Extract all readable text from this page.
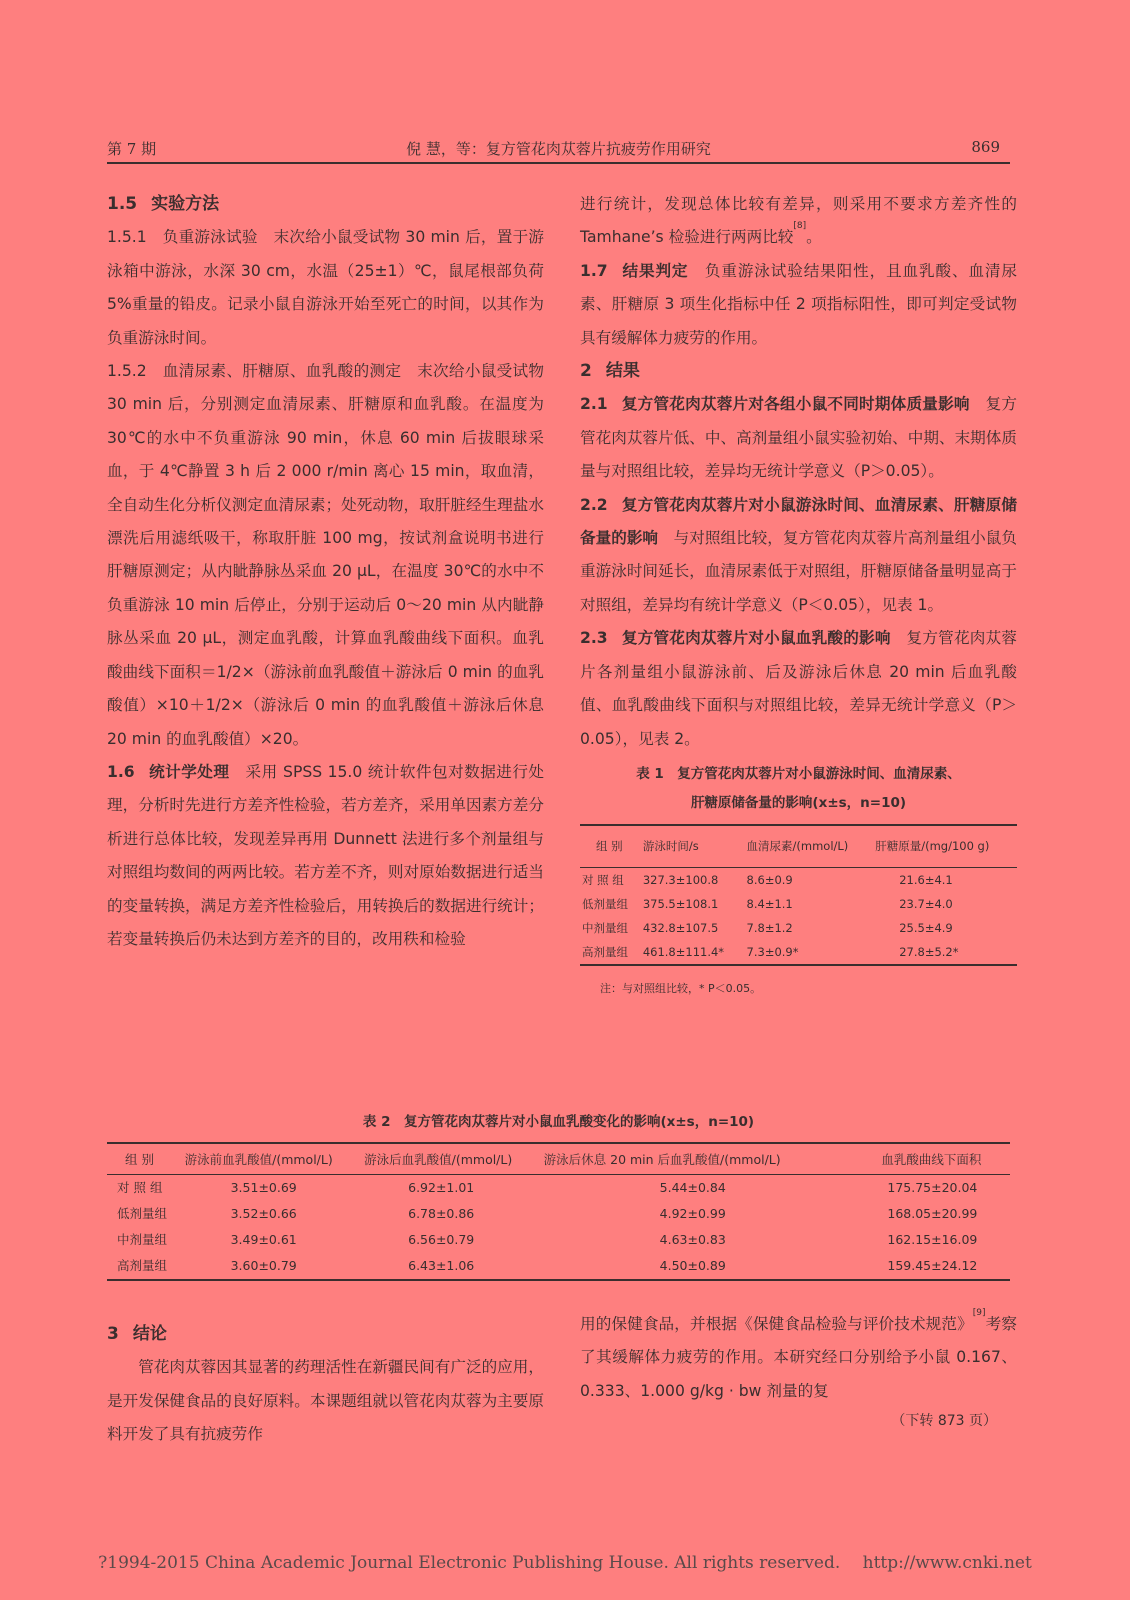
第 7 期	倪 慧，等：复方管花肉苁蓉片抗疲劳作用研究	869

1.5 实验方法

1.5.1　负重游泳试验　末次给小鼠受试物 30 min 后，置于游泳箱中游泳，水深 30 cm，水温（25±1）℃，鼠尾根部负荷 5%重量的铅皮。记录小鼠自游泳开始至死亡的时间，以其作为负重游泳时间。

1.5.2　血清尿素、肝糖原、血乳酸的测定　末次给小鼠受试物 30 min 后，分别测定血清尿素、肝糖原和血乳酸。在温度为 30℃的水中不负重游泳 90 min，休息 60 min 后拔眼球采血，于 4℃静置 3 h 后 2 000 r/min 离心 15 min，取血清，全自动生化分析仪测定血清尿素；处死动物，取肝脏经生理盐水漂洗后用滤纸吸干，称取肝脏 100 mg，按试剂盒说明书进行肝糖原测定；从内眦静脉丛采血 20 μL，在温度 30℃的水中不负重游泳 10 min 后停止，分别于运动后 0～20 min 从内眦静脉丛采血 20 μL，测定血乳酸，计算血乳酸曲线下面积。血乳酸曲线下面积＝1/2×（游泳前血乳酸值＋游泳后 0 min 的血乳酸值）×10＋1/2×（游泳后 0 min 的血乳酸值＋游泳后休息 20 min 的血乳酸值）×20。

1.6 统计学处理　采用 SPSS 15.0 统计软件包对数据进行处理，分析时先进行方差齐性检验，若方差齐，采用单因素方差分析进行总体比较，发现差异再用 Dunnett 法进行多个剂量组与对照组均数间的两两比较。若方差不齐，则对原始数据进行适当的变量转换，满足方差齐性检验后，用转换后的数据进行统计；若变量转换后仍未达到方差齐的目的，改用秩和检验

进行统计，发现总体比较有差异，则采用不要求方差齐性的 Tamhane’s 检验进行两两比较[8]。

1.7 结果判定　负重游泳试验结果阳性，且血乳酸、血清尿素、肝糖原 3 项生化指标中任 2 项指标阳性，即可判定受试物具有缓解体力疲劳的作用。

2 结果

2.1 复方管花肉苁蓉片对各组小鼠不同时期体质量影响　复方管花肉苁蓉片低、中、高剂量组小鼠实验初始、中期、末期体质量与对照组比较，差异均无统计学意义（P＞0.05）。

2.2 复方管花肉苁蓉片对小鼠游泳时间、血清尿素、肝糖原储备量的影响　与对照组比较，复方管花肉苁蓉片高剂量组小鼠负重游泳时间延长，血清尿素低于对照组，肝糖原储备量明显高于对照组，差异均有统计学意义（P＜0.05），见表 1。

2.3 复方管花肉苁蓉片对小鼠血乳酸的影响　复方管花肉苁蓉片各剂量组小鼠游泳前、后及游泳后休息 20 min 后血乳酸值、血乳酸曲线下面积与对照组比较，差异无统计学意义（P＞0.05），见表 2。

表 1　复方管花肉苁蓉片对小鼠游泳时间、血清尿素、
肝糖原储备量的影响(x±s，n=10)
组 别	游泳时间/s	血清尿素/(mmol/L)	肝糖原量/(mg/100 g)
对 照 组	327.3±100.8	8.6±0.9	21.6±4.1
低剂量组	375.5±108.1	8.4±1.1	23.7±4.0
中剂量组	432.8±107.5	7.8±1.2	25.5±4.9
高剂量组	461.8±111.4*	7.3±0.9*	27.8±5.2*
注：与对照组比较，* P＜0.05。
表 2　复方管花肉苁蓉片对小鼠血乳酸变化的影响(x±s，n=10)
组 别	游泳前血乳酸值/(mmol/L)	游泳后血乳酸值/(mmol/L)	游泳后休息 20 min 后血乳酸值/(mmol/L)	血乳酸曲线下面积
对 照 组	3.51±0.69	6.92±1.01	5.44±0.84	175.75±20.04
低剂量组	3.52±0.66	6.78±0.86	4.92±0.99	168.05±20.99
中剂量组	3.49±0.61	6.56±0.79	4.63±0.83	162.15±16.09
高剂量组	3.60±0.79	6.43±1.06	4.50±0.89	159.45±24.12

3 结论

管花肉苁蓉因其显著的药理活性在新疆民间有广泛的应用，是开发保健食品的良好原料。本课题组就以管花肉苁蓉为主要原料开发了具有抗疲劳作

用的保健食品，并根据《保健食品检验与评价技术规范》[9]考察了其缓解体力疲劳的作用。本研究经口分别给予小鼠 0.167、0.333、1.000 g/kg · bw 剂量的复

（下转 873 页）
?1994-2015 China Academic Journal Electronic Publishing House. All rights reserved.　 http://www.cnki.net
